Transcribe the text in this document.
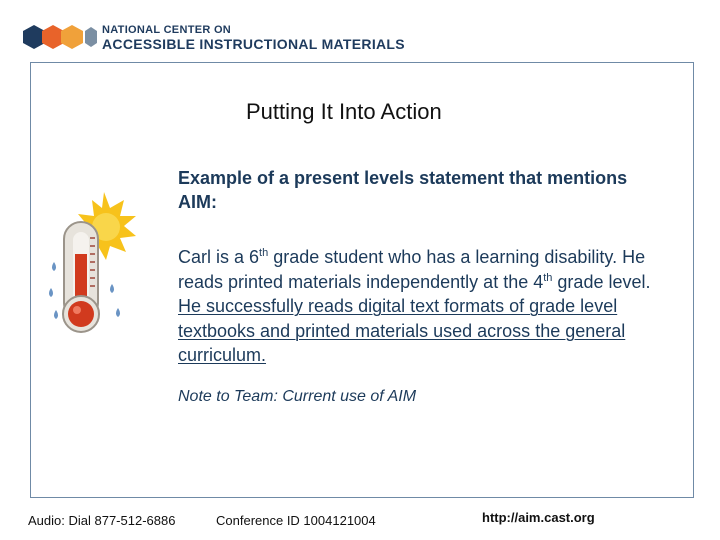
NATIONAL CENTER ON
ACCESSIBLE INSTRUCTIONAL MATERIALS
Putting It Into Action
Example of a present levels statement that mentions AIM:
Carl is a 6th grade student who has a learning disability. He reads printed materials independently at the 4th grade level. He successfully reads digital text formats of grade level textbooks and printed materials used across the general curriculum.
Note to Team: Current use of AIM
Audio: Dial 877-512-6886	Conference ID 1004121004	http://aim.cast.org
